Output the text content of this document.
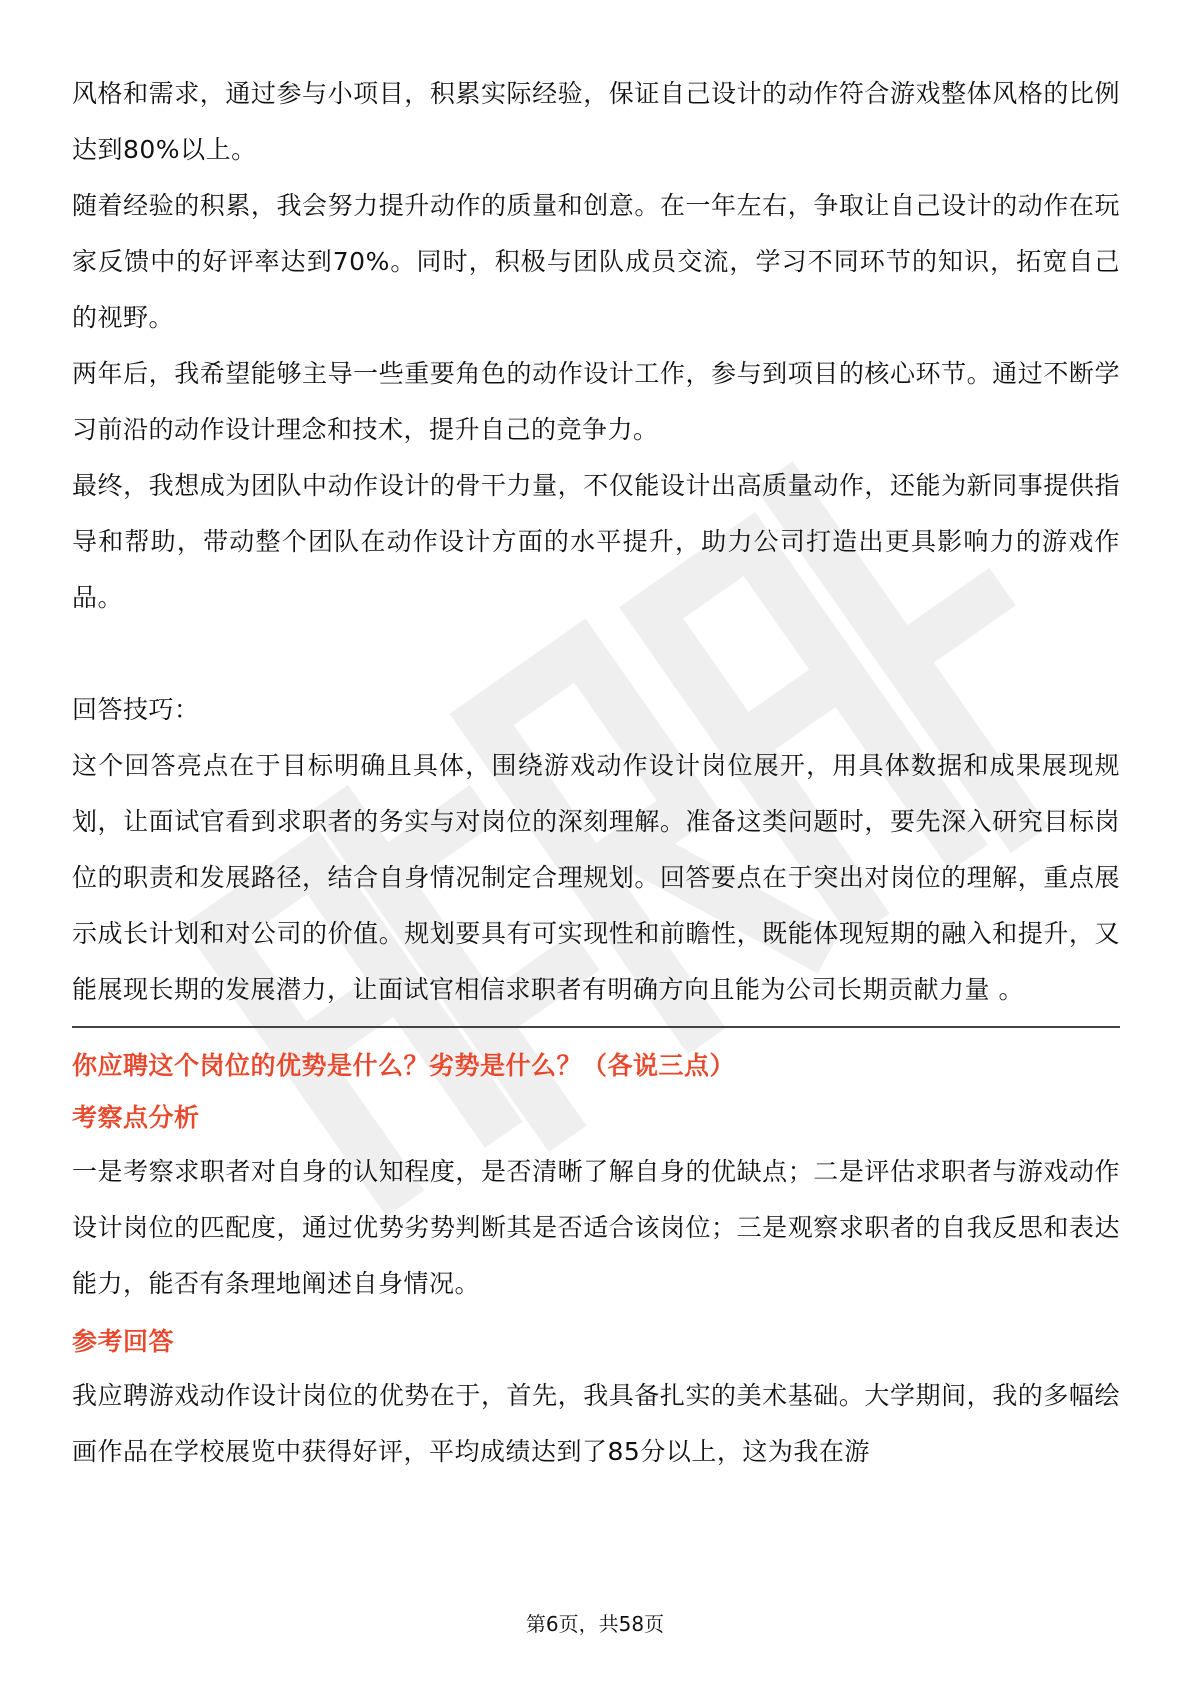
风格和需求，通过参与小项目，积累实际经验，保证自己设计的动作符合游戏整体风格的比例达到80%以上。

随着经验的积累，我会努力提升动作的质量和创意。在一年左右，争取让自己设计的动作在玩家反馈中的好评率达到70%。同时，积极与团队成员交流，学习不同环节的知识，拓宽自己的视野。

两年后，我希望能够主导一些重要角色的动作设计工作，参与到项目的核心环节。通过不断学习前沿的动作设计理念和技术，提升自己的竞争力。

最终，我想成为团队中动作设计的骨干力量，不仅能设计出高质量动作，还能为新同事提供指导和帮助，带动整个团队在动作设计方面的水平提升，助力公司打造出更具影响力的游戏作品。

回答技巧：

这个回答亮点在于目标明确且具体，围绕游戏动作设计岗位展开，用具体数据和成果展现规划，让面试官看到求职者的务实与对岗位的深刻理解。准备这类问题时，要先深入研究目标岗位的职责和发展路径，结合自身情况制定合理规划。回答要点在于突出对岗位的理解，重点展示成长计划和对公司的价值。规划要具有可实现性和前瞻性，既能体现短期的融入和提升，又能展现长期的发展潜力，让面试官相信求职者有明确方向且能为公司长期贡献力量 。

你应聘这个岗位的优势是什么？劣势是什么？（各说三点）

考察点分析

一是考察求职者对自身的认知程度，是否清晰了解自身的优缺点；二是评估求职者与游戏动作设计岗位的匹配度，通过优势劣势判断其是否适合该岗位；三是观察求职者的自我反思和表达能力，能否有条理地阐述自身情况。

参考回答

我应聘游戏动作设计岗位的优势在于，首先，我具备扎实的美术基础。大学期间，我的多幅绘画作品在学校展览中获得好评，平均成绩达到了85分以上，这为我在游

第6页，共58页
